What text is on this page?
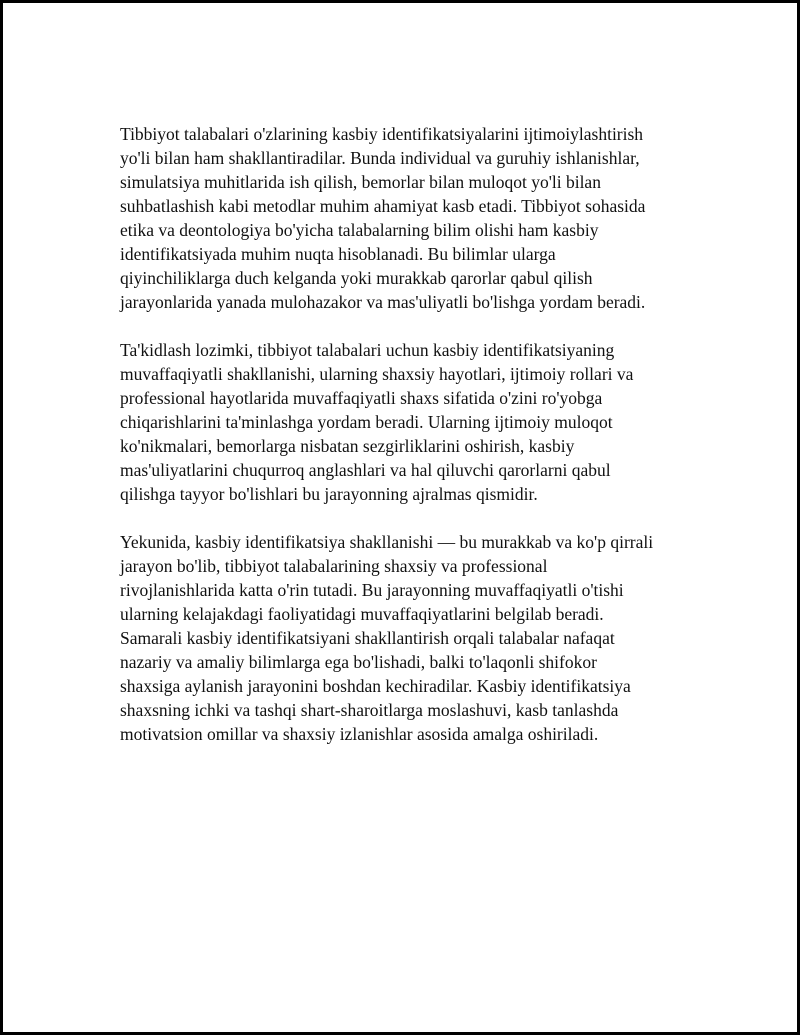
Tibbiyot talabalari o'zlarining kasbiy identifikatsiyalarini ijtimoiylashtirish
yo'li bilan ham shakllantiradilar. Bunda individual va guruhiy ishlanishlar,
simulatsiya muhitlarida ish qilish, bemorlar bilan muloqot yo'li bilan
suhbatlashish kabi metodlar muhim ahamiyat kasb etadi. Tibbiyot sohasida
etika va deontologiya bo'yicha talabalarning bilim olishi ham kasbiy
identifikatsiyada muhim nuqta hisoblanadi. Bu bilimlar ularga
qiyinchiliklarga duch kelganda yoki murakkab qarorlar qabul qilish
jarayonlarida yanada mulohazakor va mas'uliyatli bo'lishga yordam beradi.

Ta'kidlash lozimki, tibbiyot talabalari uchun kasbiy identifikatsiyaning
muvaffaqiyatli shakllanishi, ularning shaxsiy hayotlari, ijtimoiy rollari va
professional hayotlarida muvaffaqiyatli shaxs sifatida o'zini ro'yobga
chiqarishlarini ta'minlashga yordam beradi. Ularning ijtimoiy muloqot
ko'nikmalari, bemorlarga nisbatan sezgirliklarini oshirish, kasbiy
mas'uliyatlarini chuqurroq anglashlari va hal qiluvchi qarorlarni qabul
qilishga tayyor bo'lishlari bu jarayonning ajralmas qismidir.

Yekunida, kasbiy identifikatsiya shakllanishi — bu murakkab va ko'p qirrali
jarayon bo'lib, tibbiyot talabalarining shaxsiy va professional
rivojlanishlarida katta o'rin tutadi. Bu jarayonning muvaffaqiyatli o'tishi
ularning kelajakdagi faoliyatidagi muvaffaqiyatlarini belgilab beradi.
Samarali kasbiy identifikatsiyani shakllantirish orqali talabalar nafaqat
nazariy va amaliy bilimlarga ega bo'lishadi, balki to'laqonli shifokor
shaxsiga aylanish jarayonini boshdan kechiradilar. Kasbiy identifikatsiya
shaxsning ichki va tashqi shart-sharoitlarga moslashuvi, kasb tanlashda
motivatsion omillar va shaxsiy izlanishlar asosida amalga oshiriladi.
